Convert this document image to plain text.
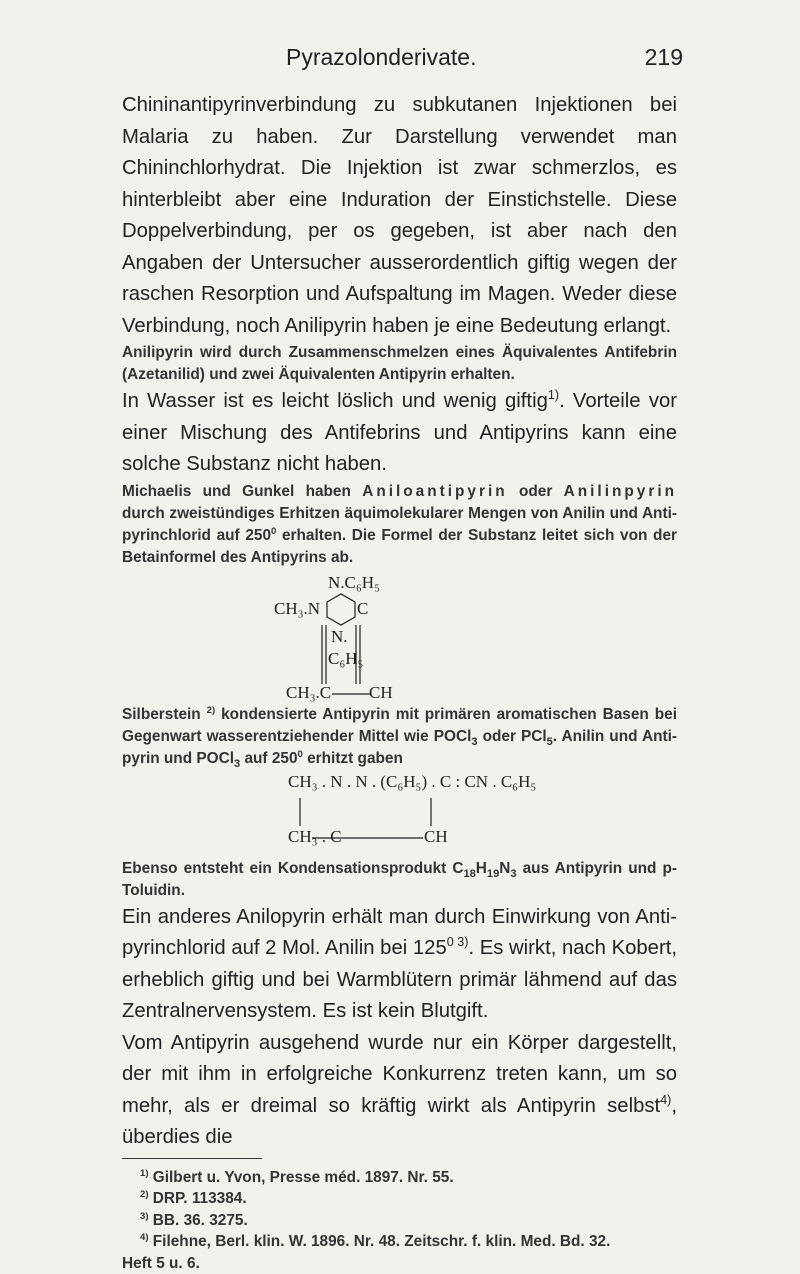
Pyrazolonderivate.	219

Chininantipyrinverbindung zu subkutanen Injektionen bei Malaria zu haben. Zur Darstellung verwendet man Chininchlorhydrat. Die Injektion ist zwar schmerzlos, es hinterbleibt aber eine Induration der Einstichstelle. Diese Doppelverbindung, per os gegeben, ist aber nach den Angaben der Untersucher ausserordentlich giftig wegen der raschen Resorption und Aufspaltung im Magen. Weder diese Verbindung, noch Anilipyrin haben je eine Bedeutung erlangt.

Anilipyrin wird durch Zusammenschmelzen eines Äquivalentes Antifebrin (Azetanilid) und zwei Äquivalenten Antipyrin erhalten.

In Wasser ist es leicht löslich und wenig giftig$^{1)}$. Vorteile vor einer Mischung des Antifebrins und Antipyrins kann eine solche Substanz nicht haben.

Michaelis und Gunkel haben Aniloantipyrin oder Anilinpyrin durch zweistündiges Erhitzen äquimolekularer Mengen von Anilin und Antipyrinchlorid auf $250^0$ erhalten. Die Formel der Substanz leitet sich von der Betainformel des Antipyrins ab.

N.C₆H₅
CH₃.N C
N.
C₆H₅
CH₃.C CH

Silberstein $^{2)}$ kondensierte Antipyrin mit primären aromatischen Basen bei Gegenwart wasserentziehender Mittel wie POCl$_3$ oder PCl$_5$. Anilin und Antipyrin und POCl$_3$ auf $250^0$ erhitzt gaben

CH₃ . N . N . (C₆H₅) . C : CN . C₆H₅
CH₃ . C	CH

Ebenso entsteht ein Kondensationsprodukt $C_{18}H_{19}N_3$ aus Antipyrin und p-Toluidin.

Ein anderes Anilopyrin erhält man durch Einwirkung von Antipyrinchlorid auf 2 Mol. Anilin bei $125^{0 3)}$. Es wirkt, nach Kobert, erheblich giftig und bei Warmblütern primär lähmend auf das Zentralnervensystem. Es ist kein Blutgift.

Vom Antipyrin ausgehend wurde nur ein Körper dargestellt, der mit ihm in erfolgreiche Konkurrenz treten kann, um so mehr, als er dreimal so kräftig wirkt als Antipyrin selbst$^{4)}$, überdies die

$^{1)}$ Gilbert u. Yvon, Presse méd. 1897. Nr. 55.
$^{2)}$ DRP. 113384.
$^{3)}$ BB. 36. 3275.
$^{4)}$ Filehne, Berl. klin. W. 1896. Nr. 48. Zeitschr. f. klin. Med. Bd. 32.
Heft 5 u. 6.
